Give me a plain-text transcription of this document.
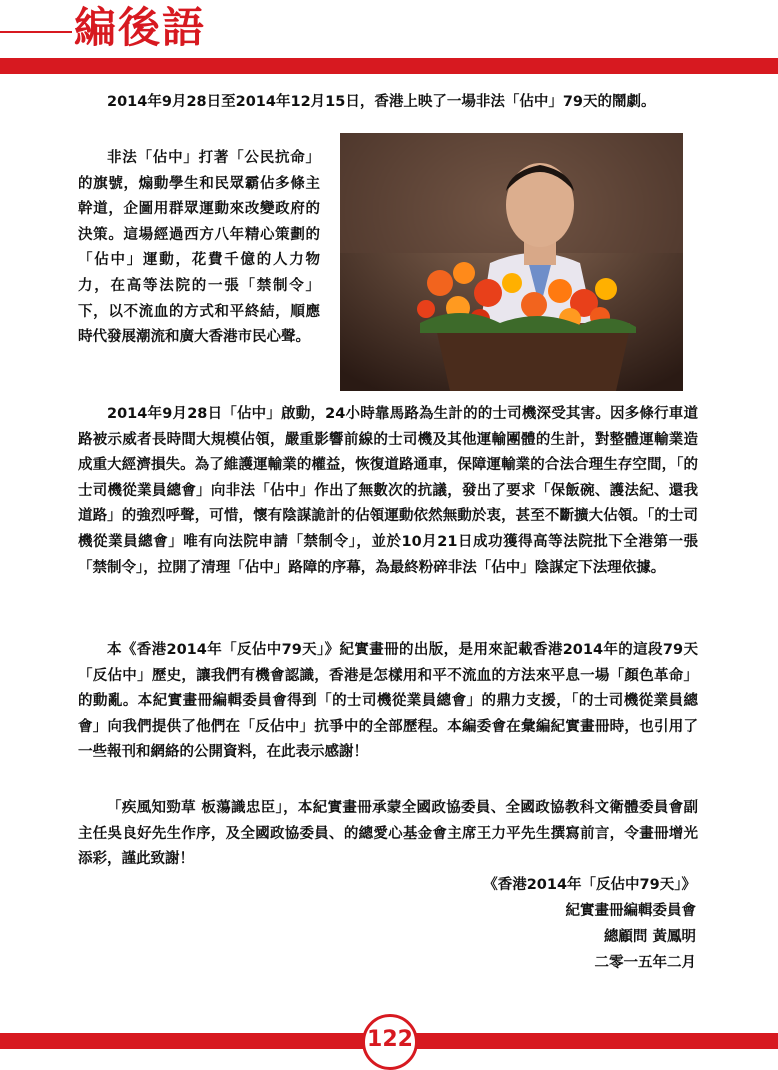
編後語

2014年9月28日至2014年12月15日，香港上映了一場非法「佔中」79天的鬧劇。

非法「佔中」打著「公民抗命」的旗號，煽動學生和民眾霸佔多條主幹道，企圖用群眾運動來改變政府的決策。這場經過西方八年精心策劃的「佔中」運動，花費千億的人力物力，在高等法院的一張「禁制令」下，以不流血的方式和平終結，順應時代發展潮流和廣大香港市民心聲。

2014年9月28日「佔中」啟動，24小時靠馬路為生計的的士司機深受其害。因多條行車道路被示威者長時間大規模佔領，嚴重影響前線的士司機及其他運輸團體的生計，對整體運輸業造成重大經濟損失。為了維護運輸業的權益，恢復道路通車，保障運輸業的合法合理生存空間，「的士司機從業員總會」向非法「佔中」作出了無數次的抗議，發出了要求「保飯碗、護法紀、還我道路」的強烈呼聲，可惜，懷有陰謀詭計的佔領運動依然無動於衷，甚至不斷擴大佔領。「的士司機從業員總會」唯有向法院申請「禁制令」，並於10月21日成功獲得高等法院批下全港第一張「禁制令」，拉開了清理「佔中」路障的序幕，為最終粉碎非法「佔中」陰謀定下法理依據。

本《香港2014年「反佔中79天」》紀實畫冊的出版，是用來記載香港2014年的這段79天「反佔中」歷史，讓我們有機會認識，香港是怎樣用和平不流血的方法來平息一場「顏色革命」的動亂。本紀實畫冊編輯委員會得到「的士司機從業員總會」的鼎力支援，「的士司機從業員總會」向我們提供了他們在「反佔中」抗爭中的全部歷程。本編委會在彙編紀實畫冊時，也引用了一些報刊和網絡的公開資料，在此表示感謝！

「疾風知勁草 板蕩識忠臣」，本紀實畫冊承蒙全國政協委員、全國政協教科文衛體委員會副主任吳良好先生作序，及全國政協委員、的總愛心基金會主席王力平先生撰寫前言，令畫冊增光添彩，謹此致謝！

《香港2014年「反佔中79天」》
紀實畫冊編輯委員會
總顧問 黃鳳明
二零一五年二月
122
